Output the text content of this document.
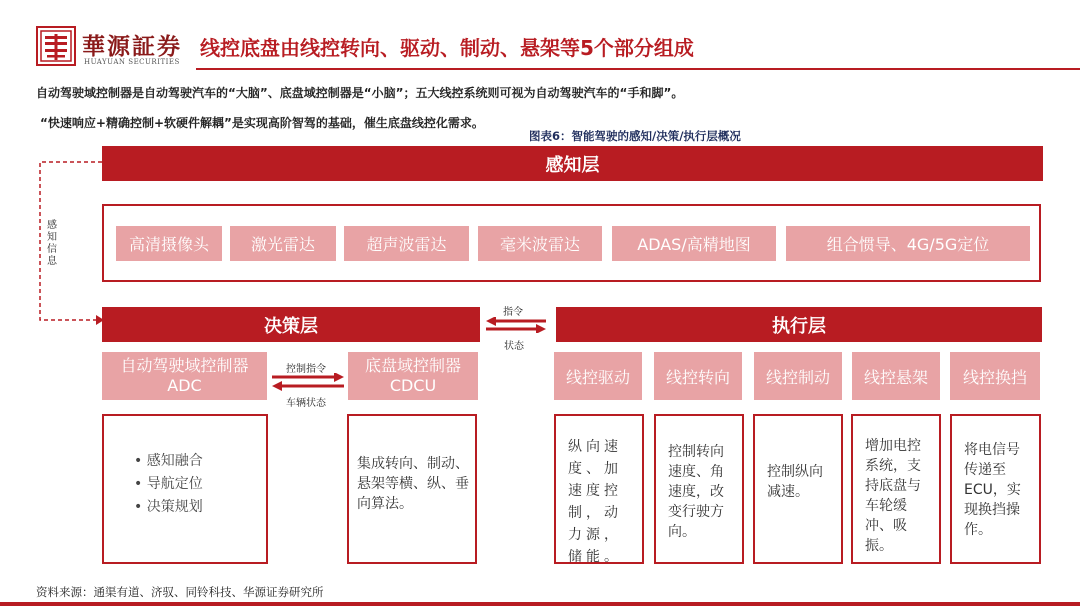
華源証券
HUAYUAN SECURITIES
线控底盘由线控转向、驱动、制动、悬架等5个部分组成
自动驾驶域控制器是自动驾驶汽车的“大脑”、底盘域控制器是“小脑”；五大线控系统则可视为自动驾驶汽车的“手和脚”。
“快速响应+精确控制+软硬件解耦”是实现高阶智驾的基础，催生底盘线控化需求。
图表6：智能驾驶的感知/决策/执行层概况
感知层
高清摄像头	激光雷达	超声波雷达	毫米波雷达	ADAS/高精地图	组合惯导、4G/5G定位
感知信息
决策层
指令
状态
自动驾驶域控制器
ADC
底盘域控制器
CDCU
控制指令
车辆状态
• 感知融合
• 导航定位
• 决策规划
集成转向、制动、悬架等横、纵、垂向算法。
执行层
线控驱动	线控转向	线控制动	线控悬架	线控换挡
纵向速度、加速度控制，动力源，储能。
控制转向速度、角速度，改变行驶方向。
控制纵向减速。
增加电控系统，支持底盘与车轮缓冲、吸振。
将电信号传递至ECU，实现换挡操作。
资料来源：通渠有道、济驭、同铃科技、华源证券研究所
